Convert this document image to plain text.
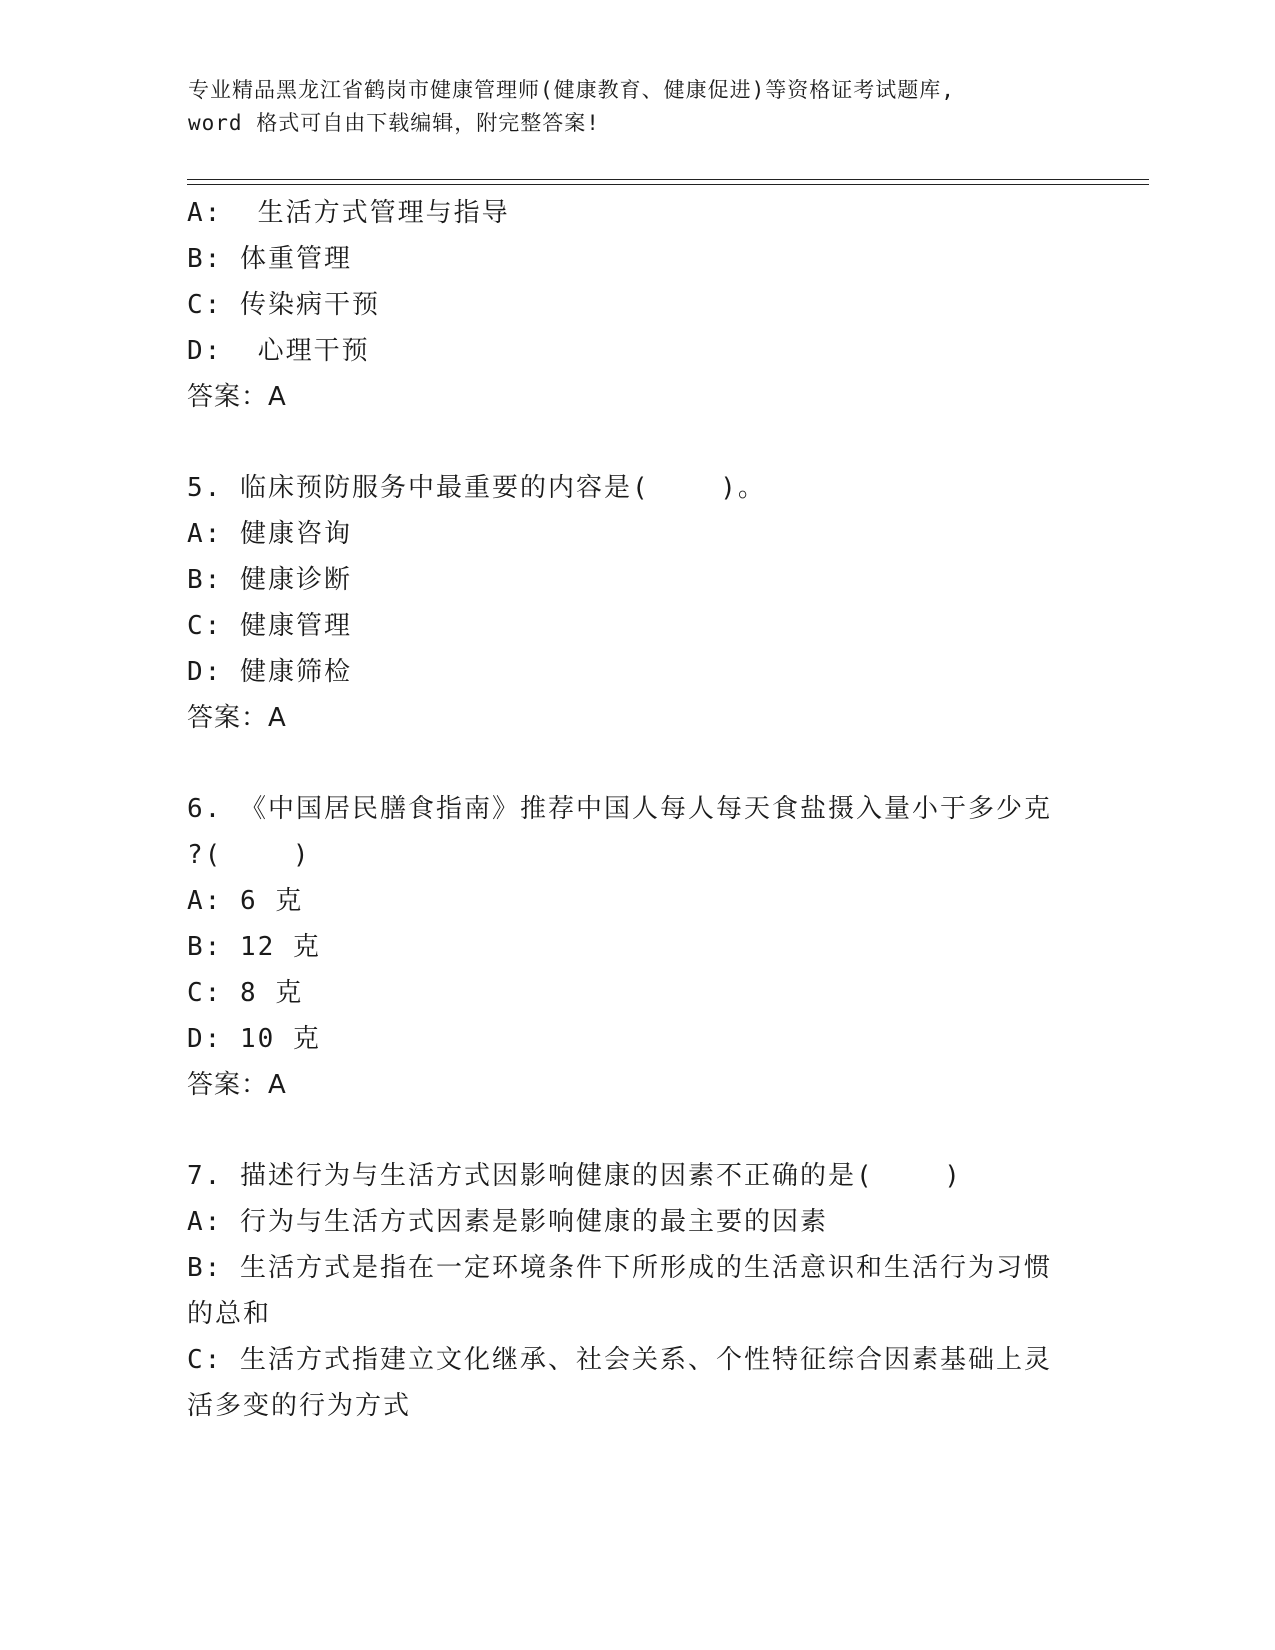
专业精品黑龙江省鹤岗市健康管理师(健康教育、健康促进)等资格证考试题库,
word 格式可自由下载编辑，附完整答案!
A:  生活方式管理与指导
B: 体重管理
C: 传染病干预
D:  心理干预
答案：A
5. 临床预防服务中最重要的内容是(    )。
A: 健康咨询
B: 健康诊断
C: 健康管理
D: 健康筛检
答案：A
6. 《中国居民膳食指南》推荐中国人每人每天食盐摄入量小于多少克
?(    )
A: 6 克
B: 12 克
C: 8 克
D: 10 克
答案：A
7. 描述行为与生活方式因影响健康的因素不正确的是(    )
A: 行为与生活方式因素是影响健康的最主要的因素
B: 生活方式是指在一定环境条件下所形成的生活意识和生活行为习惯
的总和
C: 生活方式指建立文化继承、社会关系、个性特征综合因素基础上灵
活多变的行为方式
